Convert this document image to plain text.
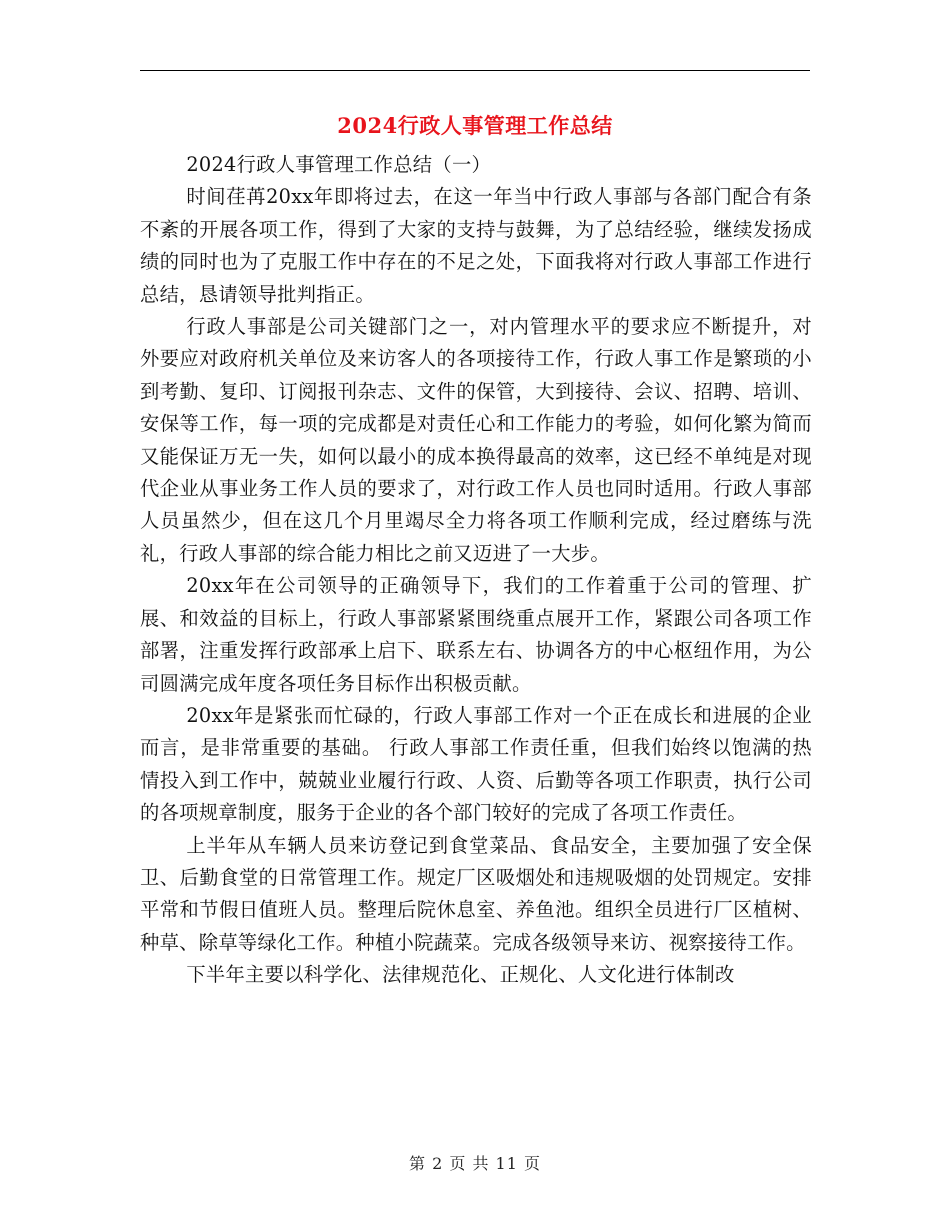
2024行政人事管理工作总结

2024行政人事管理工作总结（一）

时间荏苒20xx年即将过去，在这一年当中行政人事部与各部门配合有条不紊的开展各项工作，得到了大家的支持与鼓舞，为了总结经验，继续发扬成绩的同时也为了克服工作中存在的不足之处，下面我将对行政人事部工作进行总结，恳请领导批判指正。

行政人事部是公司关键部门之一，对内管理水平的要求应不断提升，对外要应对政府机关单位及来访客人的各项接待工作，行政人事工作是繁琐的小到考勤、复印、订阅报刊杂志、文件的保管，大到接待、会议、招聘、培训、安保等工作，每一项的完成都是对责任心和工作能力的考验，如何化繁为简而又能保证万无一失，如何以最小的成本换得最高的效率，这已经不单纯是对现代企业从事业务工作人员的要求了，对行政工作人员也同时适用。行政人事部人员虽然少，但在这几个月里竭尽全力将各项工作顺利完成，经过磨练与洗礼，行政人事部的综合能力相比之前又迈进了一大步。

20xx年在公司领导的正确领导下，我们的工作着重于公司的管理、扩展、和效益的目标上，行政人事部紧紧围绕重点展开工作，紧跟公司各项工作部署，注重发挥行政部承上启下、联系左右、协调各方的中心枢纽作用，为公司圆满完成年度各项任务目标作出积极贡献。

20xx年是紧张而忙碌的，行政人事部工作对一个正在成长和进展的企业而言，是非常重要的基础。 行政人事部工作责任重，但我们始终以饱满的热情投入到工作中，兢兢业业履行行政、人资、后勤等各项工作职责，执行公司的各项规章制度，服务于企业的各个部门较好的完成了各项工作责任。

上半年从车辆人员来访登记到食堂菜品、食品安全，主要加强了安全保卫、后勤食堂的日常管理工作。规定厂区吸烟处和违规吸烟的处罚规定。安排平常和节假日值班人员。整理后院休息室、养鱼池。组织全员进行厂区植树、种草、除草等绿化工作。种植小院蔬菜。完成各级领导来访、视察接待工作。

下半年主要以科学化、法律规范化、正规化、人文化进行体制改

第 2 页 共 11 页
